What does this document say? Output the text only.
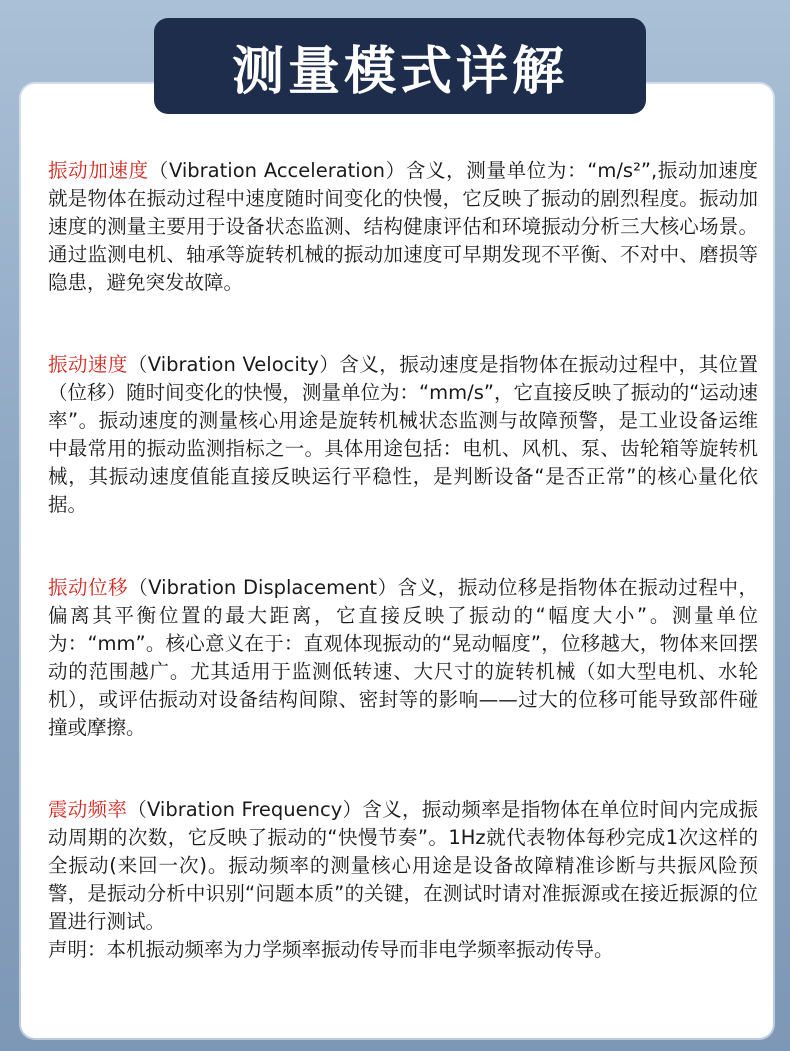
测量模式详解
振动加速度（Vibration Acceleration）含义，测量单位为：“m/s²”,振动加速度就是物体在振动过程中速度随时间变化的快慢，它反映了振动的剧烈程度。振动加速度的测量主要用于设备状态监测、结构健康评估和环境振动分析三大核心场景。通过监测电机、轴承等旋转机械的振动加速度可早期发现不平衡、不对中、磨损等隐患，避免突发故障。
振动速度（Vibration Velocity）含义，振动速度是指物体在振动过程中，其位置（位移）随时间变化的快慢，测量单位为：“mm/s”，它直接反映了振动的“运动速率”。振动速度的测量核心用途是旋转机械状态监测与故障预警，是工业设备运维中最常用的振动监测指标之一。具体用途包括：电机、风机、泵、齿轮箱等旋转机械，其振动速度值能直接反映运行平稳性，是判断设备“是否正常”的核心量化依据。
振动位移（Vibration Displacement）含义，振动位移是指物体在振动过程中，偏离其平衡位置的最大距离，它直接反映了振动的“幅度大小”。测量单位为：“mm”。核心意义在于：直观体现振动的“晃动幅度”，位移越大，物体来回摆动的范围越广。尤其适用于监测低转速、大尺寸的旋转机械（如大型电机、水轮机），或评估振动对设备结构间隙、密封等的影响——过大的位移可能导致部件碰撞或摩擦。
震动频率（Vibration Frequency）含义，振动频率是指物体在单位时间内完成振动周期的次数，它反映了振动的“快慢节奏”。1Hz就代表物体每秒完成1次这样的全振动(来回一次)。振动频率的测量核心用途是设备故障精准诊断与共振风险预警，是振动分析中识别“问题本质”的关键，在测试时请对准振源或在接近振源的位置进行测试。
声明：本机振动频率为力学频率振动传导而非电学频率振动传导。
